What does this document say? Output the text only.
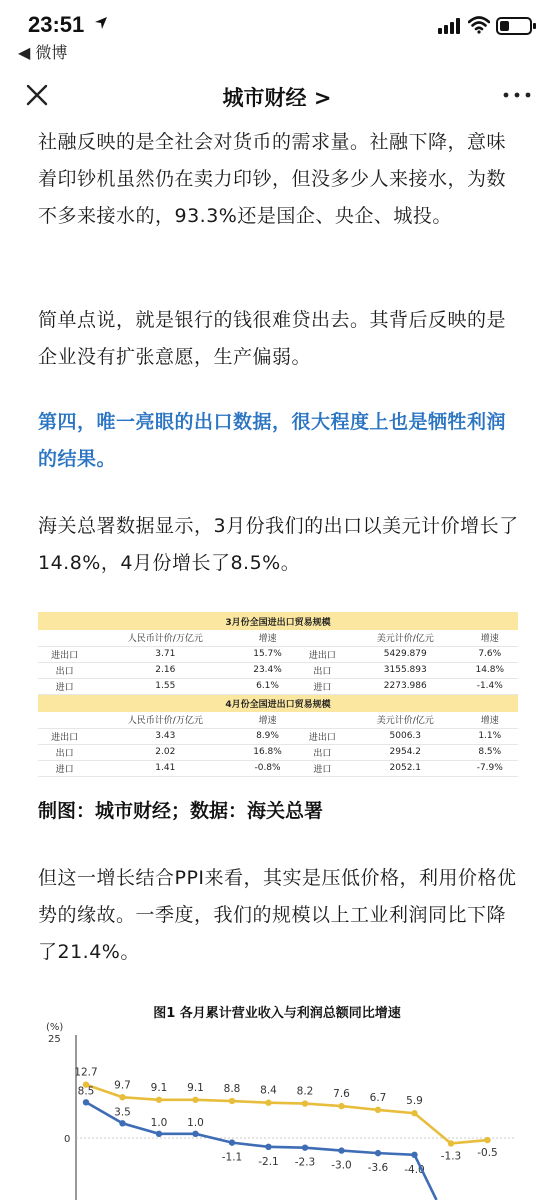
23:51
◀ 微博
城市财经 >

社融反映的是全社会对货币的需求量。社融下降，意味着印钞机虽然仍在卖力印钞，但没多少人来接水，为数不多来接水的，93.3%还是国企、央企、城投。

简单点说，就是银行的钱很难贷出去。其背后反映的是企业没有扩张意愿，生产偏弱。

第四，唯一亮眼的出口数据，很大程度上也是牺牲利润的结果。

海关总署数据显示，3月份我们的出口以美元计价增长了14.8%，4月份增长了8.5%。

3月份全国进出口贸易规模					
	人民币计价/万亿元	增速		美元计价/亿元	增速
进出口	3.71	15.7%	进出口	5429.879	7.6%
出口	2.16	23.4%	出口	3155.893	14.8%
进口	1.55	6.1%	进口	2273.986	-1.4%
4月份全国进出口贸易规模					
	人民币计价/万亿元	增速		美元计价/亿元	增速
进出口	3.43	8.9%	进出口	5006.3	1.1%
出口	2.02	16.8%	出口	2954.2	8.5%
进口	1.41	-0.8%	进口	2052.1	-7.9%
制图：城市财经；数据：海关总署

但这一增长结合PPI来看，其实是压低价格，利用价格优势的缘故。一季度，我们的规模以上工业利润同比下降了21.4%。

图1 各月累计营业收入与利润总额同比增速
(%)
25
0
12.7
9.7 9.1 9.1 8.8 8.4 8.2 7.6 6.7 5.9
-1.3 -0.5
8.5
3.5
1.0 1.0
-1.1 -2.1 -2.3 -3.0 -3.6 -4.0
